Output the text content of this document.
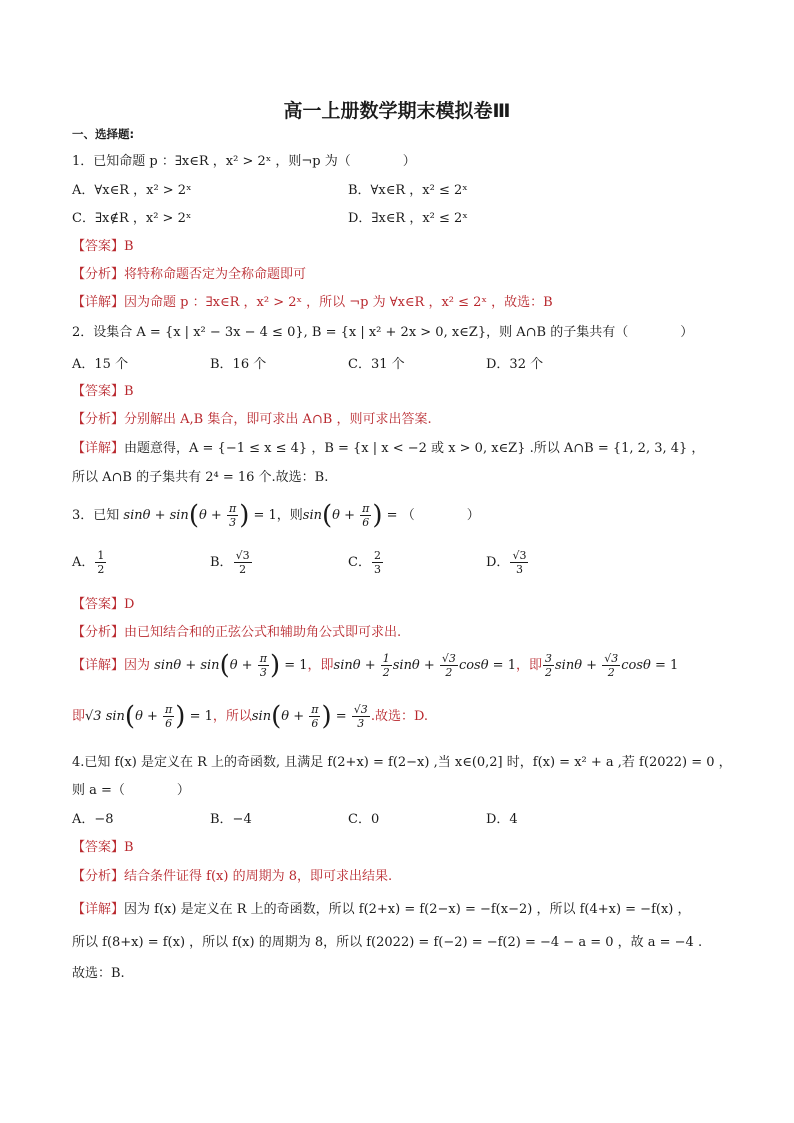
高一上册数学期末模拟卷Ⅲ
一、选择题:
1．已知命题 p ：∃x∈R ，x² > 2ˣ ，则¬p 为（　　　　）
A．∀x∈R ，x² > 2ˣ	B．∀x∈R ，x² ≤ 2ˣ
C．∃x∉R ，x² > 2ˣ	D．∃x∈R ，x² ≤ 2ˣ
【答案】B
【分析】将特称命题否定为全称命题即可
【详解】因为命题 p ：∃x∈R ，x² > 2ˣ ，所以 ¬p 为 ∀x∈R ，x² ≤ 2ˣ ，故选：B
2．设集合 A = {x | x² − 3x − 4 ≤ 0}, B = {x | x² + 2x > 0, x∈Z}，则 A∩B 的子集共有（　　　　）
A．15 个	B．16 个	C．31 个	D．32 个
【答案】B
【分析】分别解出 A,B 集合，即可求出 A∩B ，则可求出答案.
【详解】由题意得，A = {−1 ≤ x ≤ 4} ，B = {x | x < −2 或 x > 0, x∈Z} .所以 A∩B = {1, 2, 3, 4} ，
所以 A∩B 的子集共有 2⁴ = 16 个.故选：B.
3．已知 $\sin\theta + \sin(\theta + \frac{\pi}{3}$ ) = 1，则$\sin(\theta + \frac{\pi}{6}$ ) = （　　　　）
A． $\frac{1}{2}$	B． $\frac{√3}{2}$	C． $\frac{2}{3}$	D． $\frac{√3}{3}$
【答案】D
【分析】由已知结合和的正弦公式和辅助角公式即可求出.
【详解】因为 $\sin\theta + \sin(\theta + \frac{\pi}{3}$ ) = 1，即$\sin\theta + \frac{1}{2}$ $\sin\theta + \frac{√3}{2}$ cosθ = 1，即 $\frac{3}{2}$ $\sin\theta + \frac{√3}{2}$ cosθ = 1
即√3 $\sin(\theta + \frac{\pi}{6}$ ) = 1，所以$\sin(\theta + \frac{\pi}{6}$ ) = $\frac{√3}{3}$ .故选：D.
4.已知 f(x) 是定义在 R 上的奇函数, 且满足 f(2+x) = f(2−x) ,当 x∈(0,2] 时，f(x) = x² + a ,若 f(2022) = 0 ，
则 a =（　　　　）
A．−8	B．−4	C．0	D．4
【答案】B
【分析】结合条件证得 f(x) 的周期为 8，即可求出结果.
【详解】因为 f(x) 是定义在 R 上的奇函数，所以 f(2+x) = f(2−x) = −f(x−2) ，所以 f(4+x) = −f(x) ，
所以 f(8+x) = f(x) ，所以 f(x) 的周期为 8，所以 f(2022) = f(−2) = −f(2) = −4 − a = 0 ，故 a = −4 .
故选：B.
